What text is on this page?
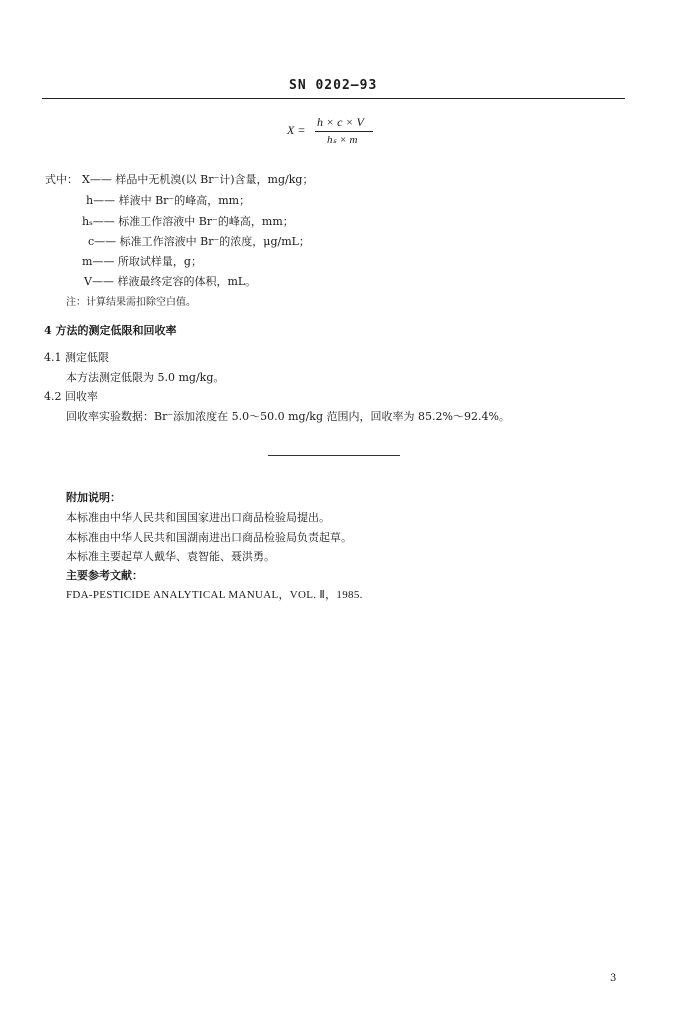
SN 0202—93
X =
h × c × V
hₛ × m
式中： X—— 样品中无机溴(以 Br⁻计)含量，mg/kg；
h—— 样液中 Br⁻的峰高，mm；
hₛ—— 标准工作溶液中 Br⁻的峰高，mm；
c—— 标准工作溶液中 Br⁻的浓度，μg/mL；
m—— 所取试样量，g；
V—— 样液最终定容的体积，mL。
注：计算结果需扣除空白值。
4 方法的测定低限和回收率
4.1 测定低限
本方法测定低限为 5.0 mg/kg。
4.2 回收率
回收率实验数据：Br⁻添加浓度在 5.0～50.0 mg/kg 范围内，回收率为 85.2%～92.4%。
附加说明：
本标准由中华人民共和国国家进出口商品检验局提出。
本标准由中华人民共和国湖南进出口商品检验局负责起草。
本标准主要起草人戴华、袁智能、聂洪勇。
主要参考文献：
FDA-PESTICIDE ANALYTICAL MANUAL，VOL. Ⅱ，1985.
3
